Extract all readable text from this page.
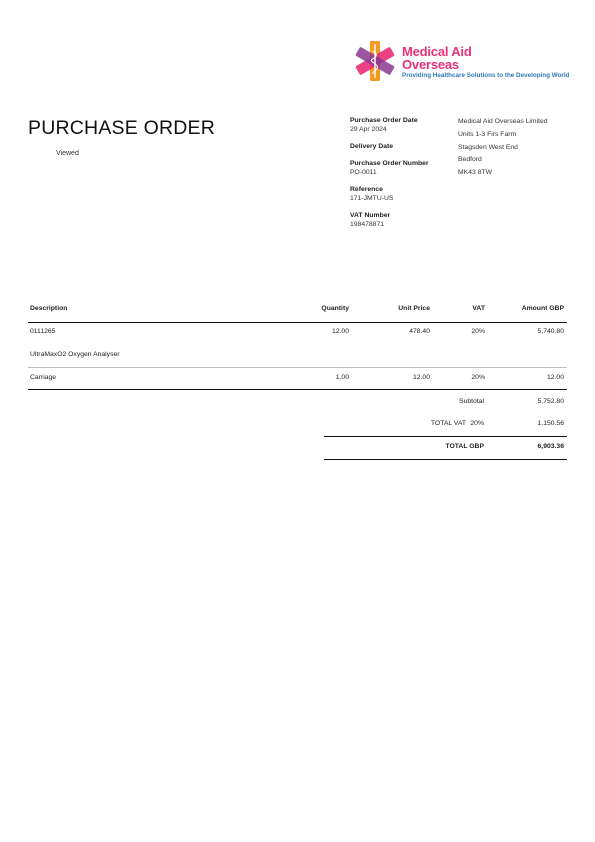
Medical Aid
Overseas
Providing Healthcare Solutions to the Developing World
PURCHASE ORDER
Viewed
Purchase Order Date
29 Apr 2024
Delivery Date
Purchase Order Number
PO-0011
Reference
171-JMTU-US
VAT Number
198478871
Medical Aid Overseas Limited
Units 1-3 Firs Farm
Stagsden West End
Bedford
MK43 8TW
Description	Quantity	Unit Price	VAT	Amount GBP
0111265	12.00	478.40	20%	5,740.80
UltraMaxO2 Oxygen Analyser
Carriage	1.00	12.00	20%	12.00
Subtotal	5,752.80
TOTAL VAT 20%	1,150.56
TOTAL GBP	6,903.36
